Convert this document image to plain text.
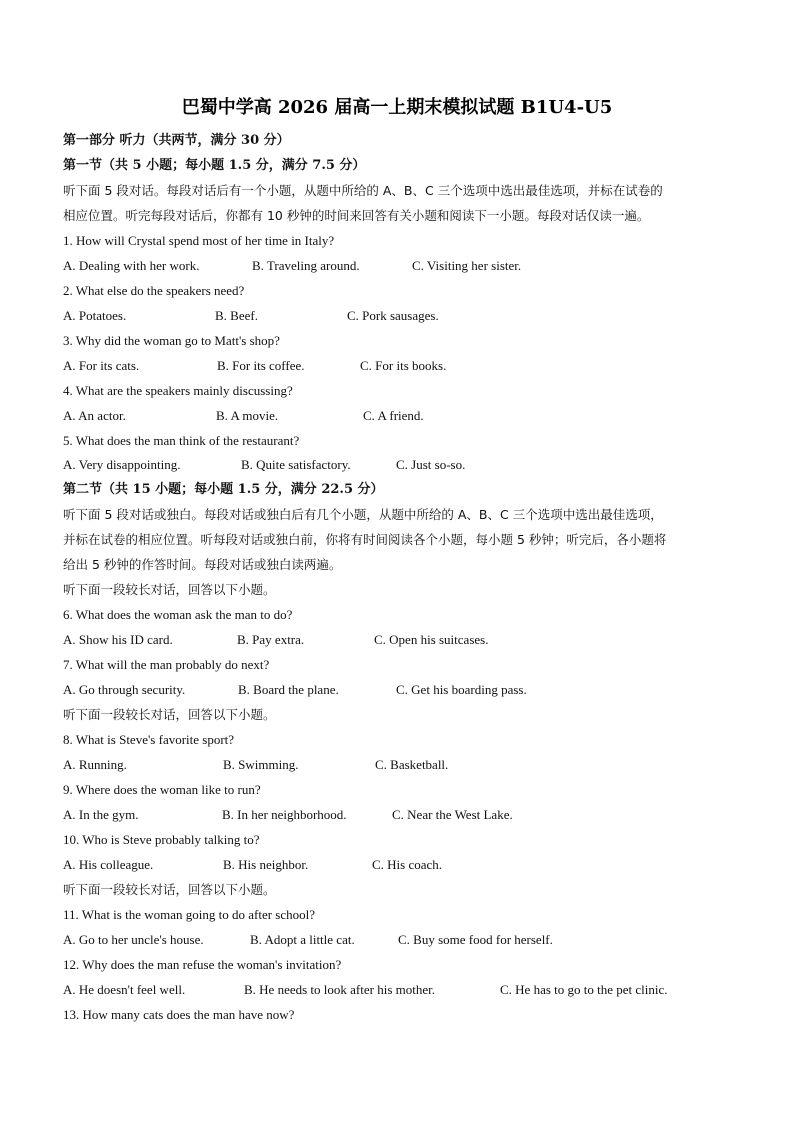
巴蜀中学高 2026 届高一上期末模拟试题 B1U4-U5
第一部分 听力（共两节，满分 30 分）
第一节（共 5 小题；每小题 1.5 分，满分 7.5 分）
听下面 5 段对话。每段对话后有一个小题，从题中所给的 A、B、C 三个选项中选出最佳选项，并标在试卷的
相应位置。听完每段对话后，你都有 10 秒钟的时间来回答有关小题和阅读下一小题。每段对话仅读一遍。
1. How will Crystal spend most of her time in Italy?
A. Dealing with her work.	B. Traveling around.	C. Visiting her sister.
2. What else do the speakers need?
A. Potatoes.	B. Beef.	C. Pork sausages.
3. Why did the woman go to Matt's shop?
A. For its cats.	B. For its coffee.	C. For its books.
4. What are the speakers mainly discussing?
A. An actor.	B. A movie.	C. A friend.
5. What does the man think of the restaurant?
A. Very disappointing.	B. Quite satisfactory.	C. Just so-so.
第二节（共 15 小题；每小题 1.5 分，满分 22.5 分）
听下面 5 段对话或独白。每段对话或独白后有几个小题，从题中所给的 A、B、C 三个选项中选出最佳选项，
并标在试卷的相应位置。听每段对话或独白前，你将有时间阅读各个小题，每小题 5 秒钟；听完后，各小题将
给出 5 秒钟的作答时间。每段对话或独白读两遍。
听下面一段较长对话，回答以下小题。
6. What does the woman ask the man to do?
A. Show his ID card.	B. Pay extra.	C. Open his suitcases.
7. What will the man probably do next?
A. Go through security.	B. Board the plane.	C. Get his boarding pass.
听下面一段较长对话，回答以下小题。
8. What is Steve's favorite sport?
A. Running.	B. Swimming.	C. Basketball.
9. Where does the woman like to run?
A. In the gym.	B. In her neighborhood.	C. Near the West Lake.
10. Who is Steve probably talking to?
A. His colleague.	B. His neighbor.	C. His coach.
听下面一段较长对话，回答以下小题。
11. What is the woman going to do after school?
A. Go to her uncle's house.	B. Adopt a little cat.	C. Buy some food for herself.
12. Why does the man refuse the woman's invitation?
A. He doesn't feel well.	B. He needs to look after his mother.	C. He has to go to the pet clinic.
13. How many cats does the man have now?
